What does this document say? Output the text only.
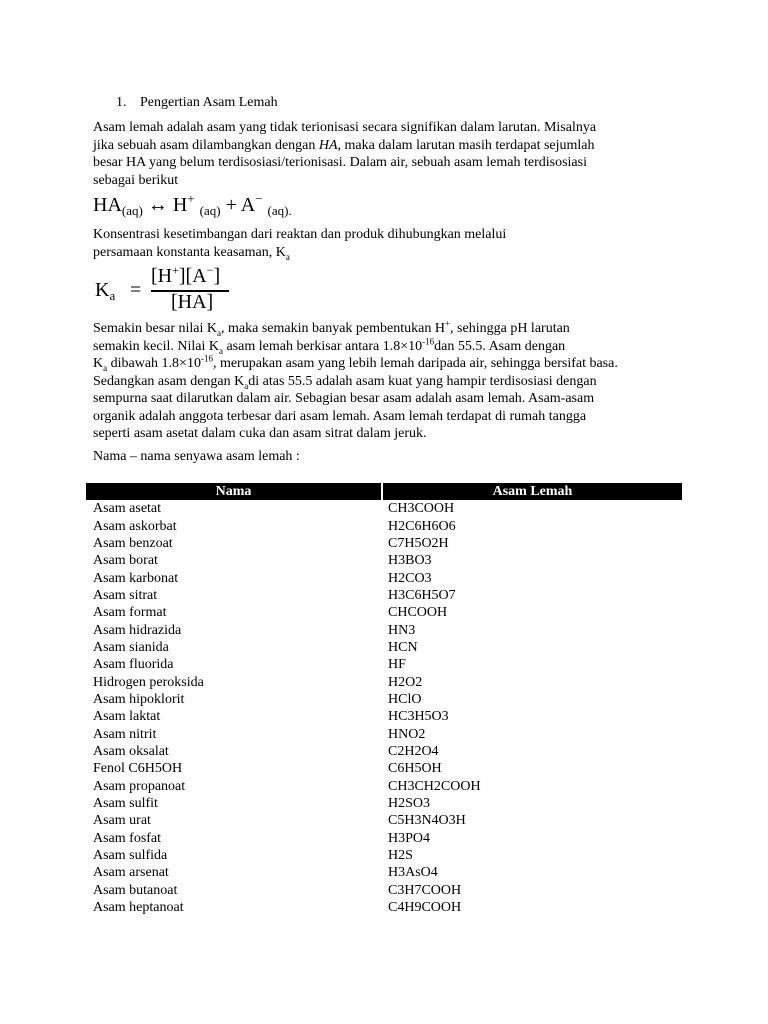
1. Pengertian Asam Lemah
Asam lemah adalah asam yang tidak terionisasi secara signifikan dalam larutan. Misalnya
jika sebuah asam dilambangkan dengan HA, maka dalam larutan masih terdapat sejumlah
besar HA yang belum terdisosiasi/terionisasi. Dalam air, sebuah asam lemah terdisosiasi
sebagai berikut
$HA_{(aq)}$ ↔ H+ $_{(aq)}$ + A− $_{(aq).}$
Konsentrasi kesetimbangan dari reaktan dan produk dihubungkan melalui
persamaan konstanta keasaman, $K_a$
$K_a$ =
[H+][A−]
[HA]
Semakin besar nilai $K_a$, maka semakin banyak pembentukan H+, sehingga pH larutan
semakin kecil. Nilai $K_a$ asam lemah berkisar antara $1.8\times 10^{-16}dan$ 55.5. Asam dengan
$K_a$ dibawah $1.8\times 10^{-16}$, merupakan asam yang lebih lemah daripada air, sehingga bersifat basa.
Sedangkan asam dengan $K_adi$ atas 55.5 adalah asam kuat yang hampir terdisosiasi dengan
sempurna saat dilarutkan dalam air. Sebagian besar asam adalah asam lemah. Asam-asam
organik adalah anggota terbesar dari asam lemah. Asam lemah terdapat di rumah tangga
seperti asam asetat dalam cuka dan asam sitrat dalam jeruk.
Nama – nama senyawa asam lemah :
Nama	Asam Lemah
Asam asetat	CH3COOH
Asam askorbat	H2C6H6O6
Asam benzoat	C7H5O2H
Asam borat	H3BO3
Asam karbonat	H2CO3
Asam sitrat	H3C6H5O7
Asam format	CHCOOH
Asam hidrazida	HN3
Asam sianida	HCN
Asam fluorida	HF
Hidrogen peroksida	H2O2
Asam hipoklorit	HClO
Asam laktat	HC3H5O3
Asam nitrit	HNO2
Asam oksalat	C2H2O4
Fenol C6H5OH	C6H5OH
Asam propanoat	CH3CH2COOH
Asam sulfit	H2SO3
Asam urat	C5H3N4O3H
Asam fosfat	H3PO4
Asam sulfida	H2S
Asam arsenat	H3AsO4
Asam butanoat	C3H7COOH
Asam heptanoat	C4H9COOH
